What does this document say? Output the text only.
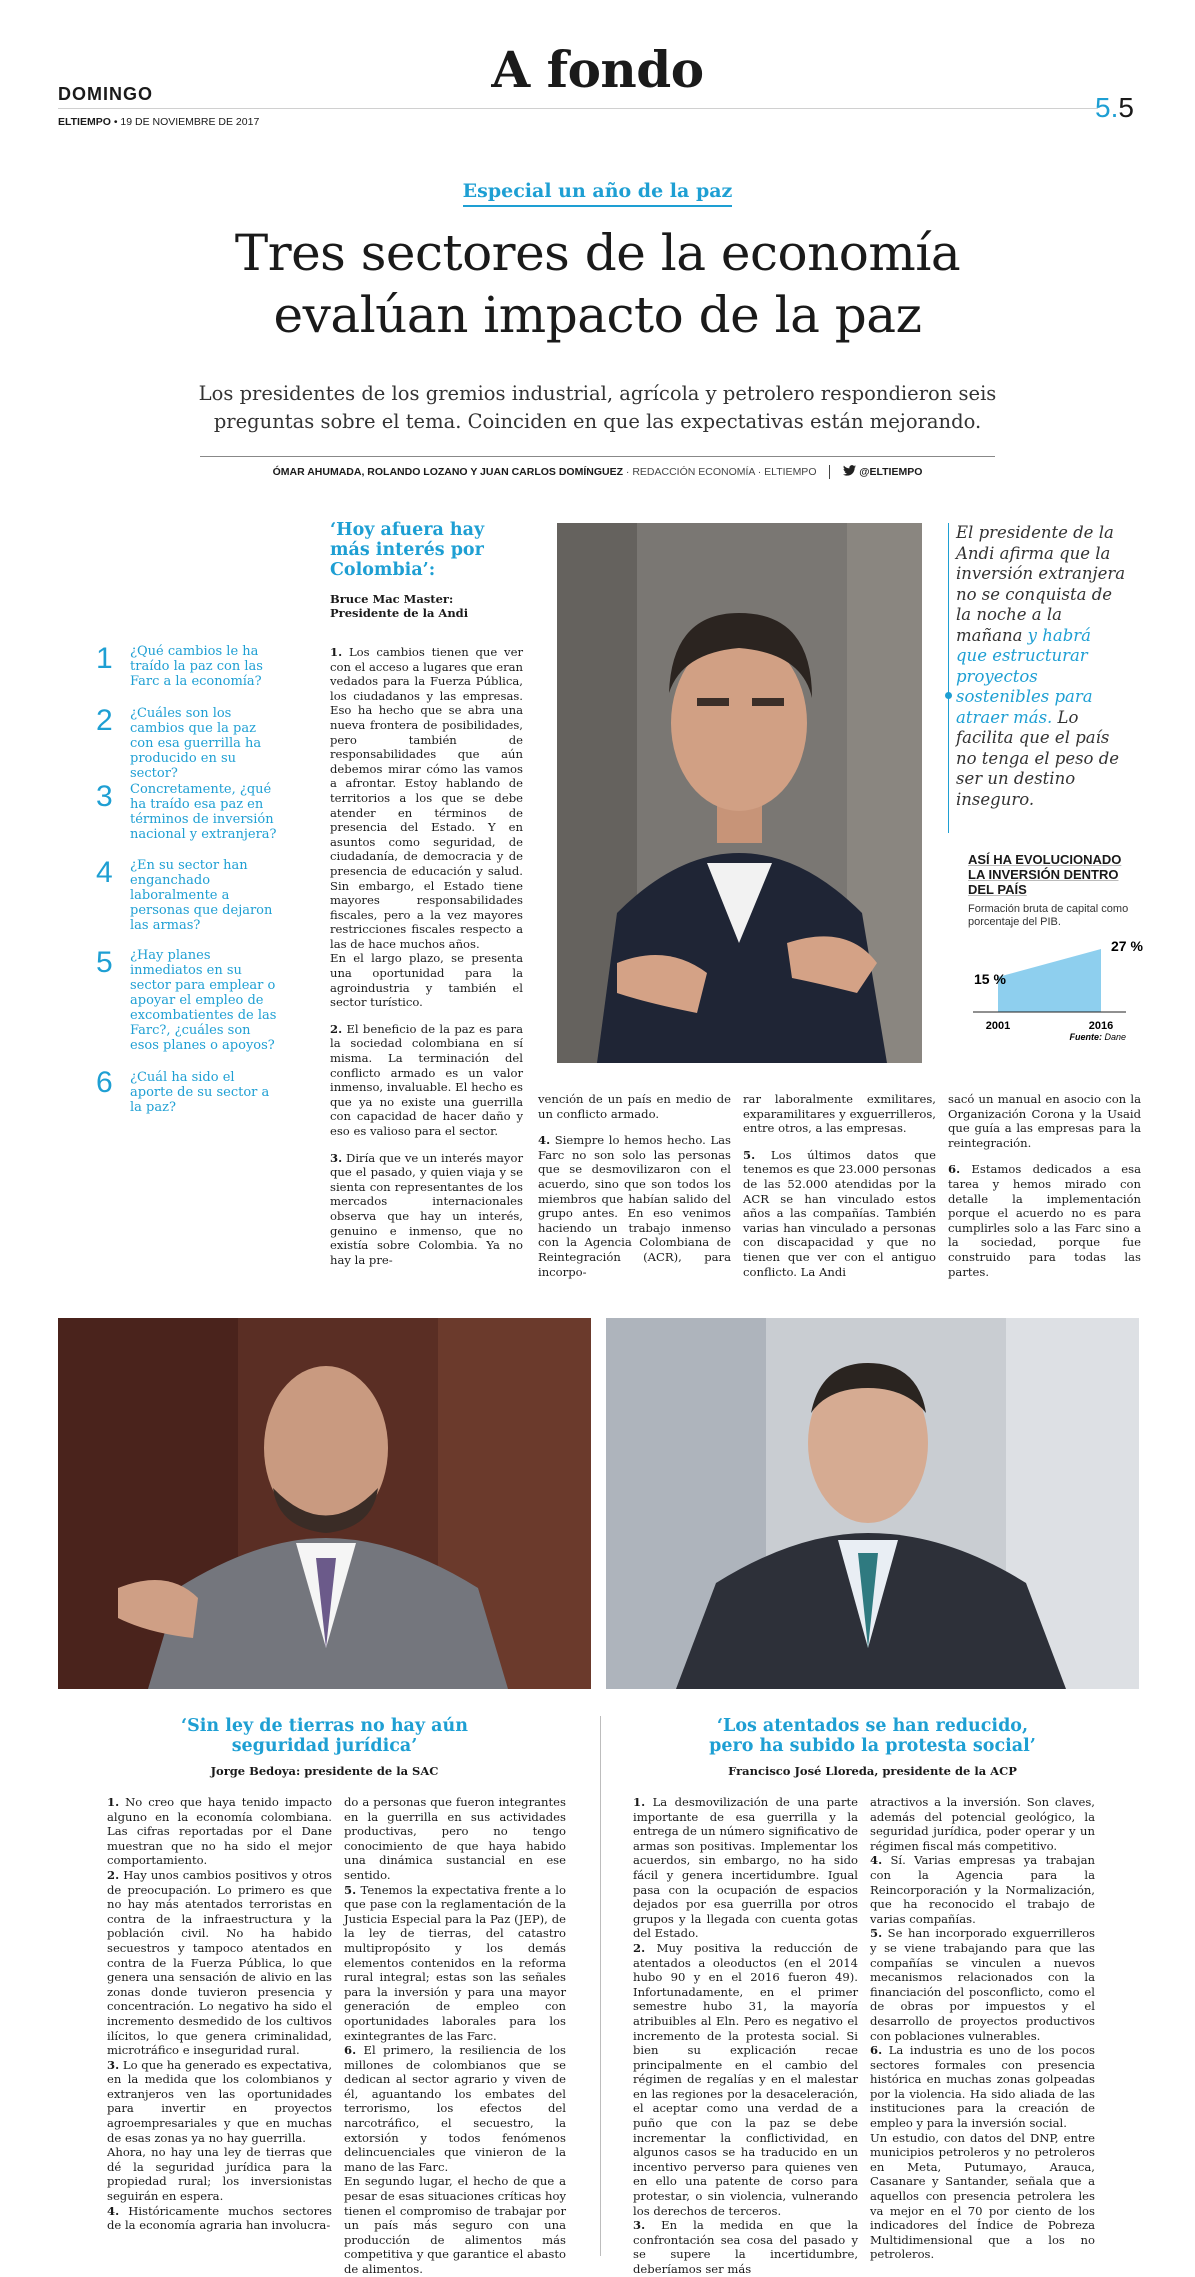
DOMINGO
ELTIEMPO • 19 DE NOVIEMBRE DE 2017
A fondo
5.5
Especial un año de la paz
Tres sectores de la economía
evalúan impacto de la paz
Los presidentes de los gremios industrial, agrícola y petrolero respondieron seis
preguntas sobre el tema. Coinciden en que las expectativas están mejorando.
ÓMAR AHUMADA, ROLANDO LOZANO Y JUAN CARLOS DOMÍNGUEZ · REDACCIÓN ECONOMÍA · ELTIEMPO	@ELTIEMPO
1 ¿Qué cambios le ha traído la paz con las Farc a la economía?
2 ¿Cuáles son los cambios que la paz con esa guerrilla ha producido en su sector?
3 Concretamente, ¿qué ha traído esa paz en términos de inversión nacional y extranjera?
4 ¿En su sector han enganchado laboralmente a personas que dejaron las armas?
5 ¿Hay planes inmediatos en su sector para emplear o apoyar el empleo de excombatientes de las Farc?, ¿cuáles son esos planes o apoyos?
6 ¿Cuál ha sido el aporte de su sector a la paz?
‘Hoy afuera hay más interés por Colombia’:
Bruce Mac Master:
Presidente de la Andi

1. Los cambios tienen que ver con el acceso a lugares que eran vedados para la Fuerza Pública, los ciudadanos y las empresas. Eso ha hecho que se abra una nueva frontera de posibilidades, pero también de responsabilidades que aún debemos mirar cómo las vamos a afrontar. Estoy hablando de territorios a los que se debe atender en términos de presencia del Estado. Y en asuntos como seguridad, de ciudadanía, de democracia y de presencia de educación y salud. Sin embargo, el Estado tiene mayores responsabilidades fiscales, pero a la vez mayores restricciones fiscales respecto a las de hace muchos años.

En el largo plazo, se presenta una oportunidad para la agroindustria y también el sector turístico.

2. El beneficio de la paz es para la sociedad colombiana en sí misma. La terminación del conflicto armado es un valor inmenso, invaluable. El hecho es que ya no existe una guerrilla con capacidad de hacer daño y eso es valioso para el sector.

3. Diría que ve un interés mayor que el pasado, y quien viaja y se sienta con representantes de los mercados internacionales observa que hay un interés, genuino e inmenso, que no existía sobre Colombia. Ya no hay la pre-

El presidente de la Andi afirma que la inversión extranjera no se conquista de la noche a la mañana y habrá que estructurar proyectos sostenibles para atraer más. Lo facilita que el país no tenga el peso de ser un destino inseguro.
ASÍ HA EVOLUCIONADO LA INVERSIÓN DENTRO DEL PAÍS
Formación bruta de capital como porcentaje del PIB.
15 %
27 %
2001	2016
Fuente: Dane

vención de un país en medio de un conflicto armado.

4. Siempre lo hemos hecho. Las Farc no son solo las personas que se desmovilizaron con el acuerdo, sino que son todos los miembros que habían salido del grupo antes. En eso venimos haciendo un trabajo inmenso con la Agencia Colombiana de Reintegración (ACR), para incorpo-

rar laboralmente exmilitares, exparamilitares y exguerrilleros, entre otros, a las empresas.

5. Los últimos datos que tenemos es que 23.000 personas de las 52.000 atendidas por la ACR se han vinculado estos años a las compañías. También varias han vinculado a personas con discapacidad y que no tienen que ver con el antiguo conflicto. La Andi

sacó un manual en asocio con la Organización Corona y la Usaid que guía a las empresas para la reintegración.

6. Estamos dedicados a esa tarea y hemos mirado con detalle la implementación porque el acuerdo no es para cumplirles solo a las Farc sino a la sociedad, porque fue construido para todas las partes.

‘Sin ley de tierras no hay aún
seguridad jurídica’
Jorge Bedoya: presidente de la SAC

1. No creo que haya tenido impacto alguno en la economía colombiana. Las cifras reportadas por el Dane muestran que no ha sido el mejor comportamiento.

2. Hay unos cambios positivos y otros de preocupación. Lo primero es que no hay más atentados terroristas en contra de la infraestructura y la población civil. No ha habido secuestros y tampoco atentados en contra de la Fuerza Pública, lo que genera una sensación de alivio en las zonas donde tuvieron presencia y concentración. Lo negativo ha sido el incremento desmedido de los cultivos ilícitos, lo que genera criminalidad, microtráfico e inseguridad rural.

3. Lo que ha generado es expectativa, en la medida que los colombianos y extranjeros ven las oportunidades para invertir en proyectos agroempresariales y que en muchas de esas zonas ya no hay guerrilla.

Ahora, no hay una ley de tierras que dé la seguridad jurídica para la propiedad rural; los inversionistas seguirán en espera.

4. Históricamente muchos sectores de la economía agraria han involucra-

do a personas que fueron integrantes en la guerrilla en sus actividades productivas, pero no tengo conocimiento de que haya habido una dinámica sustancial en ese sentido.

5. Tenemos la expectativa frente a lo que pase con la reglamentación de la Justicia Especial para la Paz (JEP), de la ley de tierras, del catastro multipropósito y los demás elementos contenidos en la reforma rural integral; estas son las señales para la inversión y para una mayor generación de empleo con oportunidades laborales para los exintegrantes de las Farc.

6. El primero, la resiliencia de los millones de colombianos que se dedican al sector agrario y viven de él, aguantando los embates del terrorismo, los efectos del narcotráfico, el secuestro, la extorsión y todos fenómenos delincuenciales que vinieron de la mano de las Farc.

En segundo lugar, el hecho de que a pesar de esas situaciones críticas hoy tienen el compromiso de trabajar por un país más seguro con una producción de alimentos más competitiva y que garantice el abasto de alimentos.

‘Los atentados se han reducido,
pero ha subido la protesta social’
Francisco José Lloreda, presidente de la ACP

1. La desmovilización de una parte importante de esa guerrilla y la entrega de un número significativo de armas son positivas. Implementar los acuerdos, sin embargo, no ha sido fácil y genera incertidumbre. Igual pasa con la ocupación de espacios dejados por esa guerrilla por otros grupos y la llegada con cuenta gotas del Estado.

2. Muy positiva la reducción de atentados a oleoductos (en el 2014 hubo 90 y en el 2016 fueron 49). Infortunadamente, en el primer semestre hubo 31, la mayoría atribuibles al Eln. Pero es negativo el incremento de la protesta social. Si bien su explicación recae principalmente en el cambio del régimen de regalías y en el malestar en las regiones por la desaceleración, el aceptar como una verdad de a puño que con la paz se debe incrementar la conflictividad, en algunos casos se ha traducido en un incentivo perverso para quienes ven en ello una patente de corso para protestar, o sin violencia, vulnerando los derechos de terceros.

3. En la medida en que la confrontación sea cosa del pasado y se supere la incertidumbre, deberíamos ser más

atractivos a la inversión. Son claves, además del potencial geológico, la seguridad jurídica, poder operar y un régimen fiscal más competitivo.

4. Sí. Varias empresas ya trabajan con la Agencia para la Reincorporación y la Normalización, que ha reconocido el trabajo de varias compañías.

5. Se han incorporado exguerrilleros y se viene trabajando para que las compañías se vinculen a nuevos mecanismos relacionados con la financiación del posconflicto, como el de obras por impuestos y el desarrollo de proyectos productivos con poblaciones vulnerables.

6. La industria es uno de los pocos sectores formales con presencia histórica en muchas zonas golpeadas por la violencia. Ha sido aliada de las instituciones para la creación de empleo y para la inversión social.

Un estudio, con datos del DNP, entre municipios petroleros y no petroleros en Meta, Putumayo, Arauca, Casanare y Santander, señala que a aquellos con presencia petrolera les va mejor en el 70 por ciento de los indicadores del Índice de Pobreza Multidimensional que a los no petroleros.
